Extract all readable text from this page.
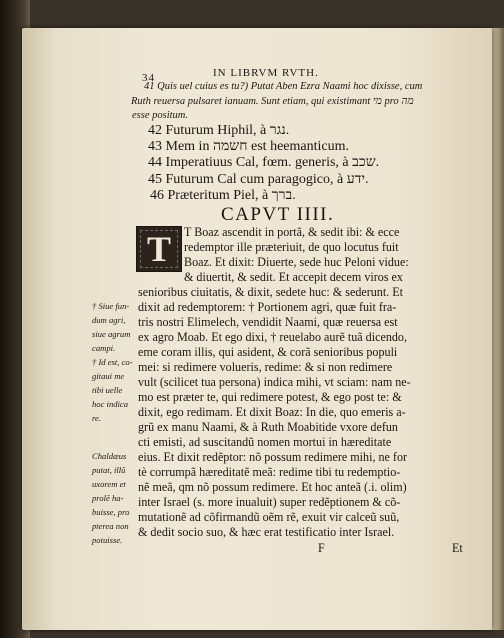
34	IN LIBRVM RVTH.
41 Quis uel cuius es tu?) Putat Aben Ezra Naami hoc dixisse, cum
Ruth reuersa pulsaret ianuam. Sunt etiam, qui existimant מי pro מה
esse positum.
42 Futurum Hiphil, à נגר.
43 Mem in חשמה est heemanticum.
44 Imperatiuus Cal, fœm. generis, à שכב.
45 Futurum Cal cum paragogico, à ידע.
46 Præteritum Piel, à ברך.
CAPVT IIII.
T T Boaz ascendit in portã, & sedit ibi: & ecce
redemptor ille præteriuit, de quo locutus fuit
Boaz. Et dixit: Diuerte, sede huc Peloni vidue:
& diuertit, & sedit. Et accepit decem viros ex
senioribus ciuitatis, & dixit, sedete huc: & sederunt. Et
dixit ad redemptorem: † Portionem agri, quæ fuit fra-
tris nostri Elimelech, vendidit Naami, quæ reuersa est
ex agro Moab. Et ego dixi, † reuelabo aurẽ tuã dicendo,
eme coram illis, qui asident, & corã senioribus populi
mei: si redimere volueris, redime: & si non redimere
vult (scilicet tua persona) indica mihi, vt sciam: nam ne-
mo est præter te, qui redimere potest, & ego post te: &
dixit, ego redimam. Et dixit Boaz: In die, quo emeris a-
grũ ex manu Naami, & à Ruth Moabitide vxore defun
cti emisti, ad suscitandũ nomen mortui in hæreditate
eius. Et dixit redẽptor: nõ possum redimere mihi, ne for
tè corrumpã hæreditatẽ meã: redime tibi tu redemptio-
nẽ meã, qm nõ possum redimere. Et hoc anteã (.i. olim)
inter Israel (s. more inualuit) super redẽptionem & cõ-
mutationẽ ad cõfirmandũ oẽm rẽ, exuit vir calceũ suũ,
& dedit socio suo, & hæc erat testificatio inter Israel.
† Siue fun-
dum agri,
siue agrum
campi.
† Id est, co-
gitaui me
tibi uelle
hoc indica
re.
Chaldæus
putat, illũ
uxorem et
prolē ha-
buisse, pro
pterea non
potuisse.
F	Et
